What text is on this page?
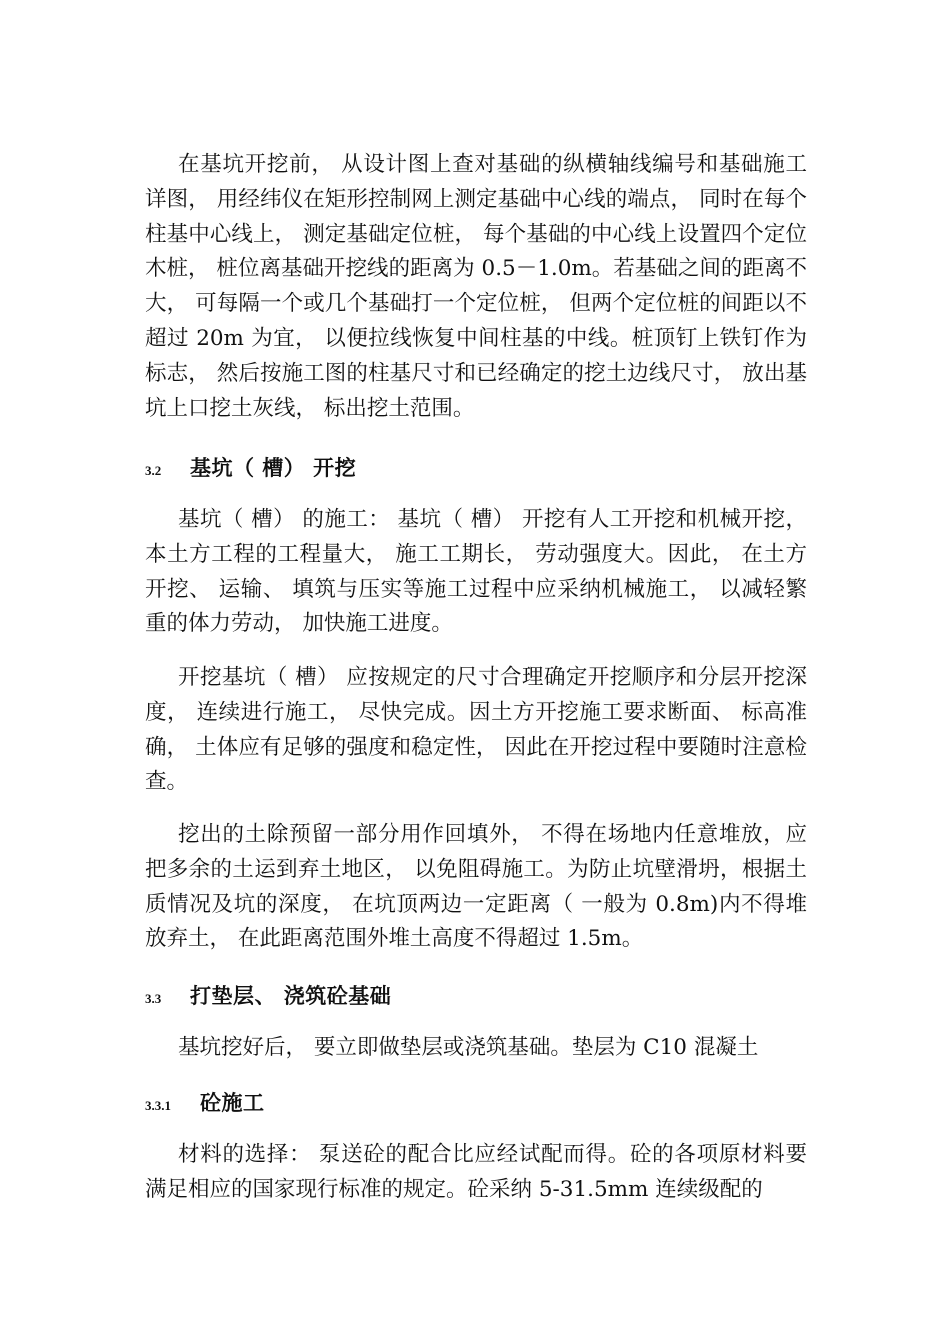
在基坑开挖前， 从设计图上查对基础的纵横轴线编号和基础施工详图， 用经纬仪在矩形控制网上测定基础中心线的端点， 同时在每个柱基中心线上， 测定基础定位桩， 每个基础的中心线上设置四个定位木桩， 桩位离基础开挖线的距离为 0.5－1.0m。若基础之间的距离不大， 可每隔一个或几个基础打一个定位桩， 但两个定位桩的间距以不超过 20m 为宜， 以便拉线恢复中间柱基的中线。桩顶钉上铁钉作为标志， 然后按施工图的柱基尺寸和已经确定的挖土边线尺寸， 放出基坑上口挖土灰线， 标出挖土范围。

3.2	基坑（ 槽） 开挖

基坑（ 槽） 的施工： 基坑（ 槽） 开挖有人工开挖和机械开挖，本土方工程的工程量大， 施工工期长， 劳动强度大。因此， 在土方开挖、 运输、 填筑与压实等施工过程中应采纳机械施工， 以减轻繁重的体力劳动， 加快施工进度。

开挖基坑（ 槽） 应按规定的尺寸合理确定开挖顺序和分层开挖深度， 连续进行施工， 尽快完成。因土方开挖施工要求断面、 标高准确， 土体应有足够的强度和稳定性， 因此在开挖过程中要随时注意检查。

挖出的土除预留一部分用作回填外， 不得在场地内任意堆放，应把多余的土运到弃土地区， 以免阻碍施工。为防止坑壁滑坍，根据土质情况及坑的深度， 在坑顶两边一定距离（ 一般为 0.8m)内不得堆放弃土， 在此距离范围外堆土高度不得超过 1.5m。

3.3	打垫层、 浇筑砼基础

基坑挖好后， 要立即做垫层或浇筑基础。垫层为 C10 混凝土

3.3.1	砼施工

材料的选择： 泵送砼的配合比应经试配而得。砼的各项原材料要满足相应的国家现行标准的规定。砼采纳 5-31.5mm 连续级配的
